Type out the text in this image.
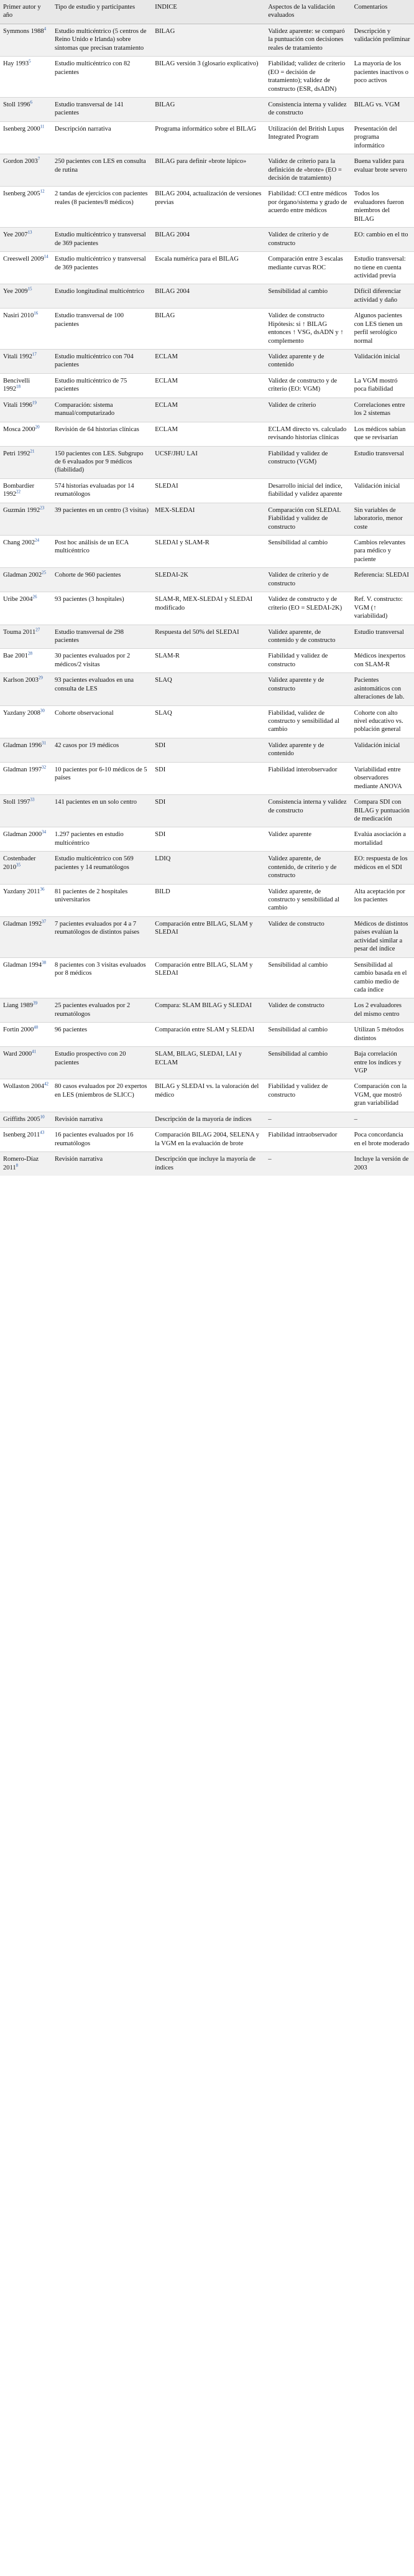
Primer autor y año	Tipo de estudio y participantes	INDICE	Aspectos de la validación evaluados	Comentarios
Symmons 1988$^4$	Estudio multicéntrico (5 centros de Reino Unido e Irlanda) sobre síntomas que precisan tratamiento	BILAG	Validez aparente: se comparó la puntuación con decisiones reales de tratamiento	Descripción y validación preliminar
Hay 1993$^5$	Estudio multicéntrico con 82 pacientes	BILAG versión 3 (glosario explicativo)	Fiabilidad; validez de criterio (EO = decisión de tratamiento); validez de constructo (ESR, dsADN)	La mayoría de los pacientes inactivos o poco activos
Stoll 1996$^6$	Estudio transversal de 141 pacientes	BILAG	Consistencia interna y validez de constructo	BILAG vs. VGM
Isenberg 2000$^{11}$	Descripción narrativa	Programa informático sobre el BILAG	Utilización del British Lupus Integrated Program	Presentación del programa informático
Gordon 2003$^7$	250 pacientes con LES en consulta de rutina	BILAG para definir «brote lúpico»	Validez de criterio para la definición de «brote» (EO = decisión de tratamiento)	Buena validez para evaluar brote severo
Isenberg 2005$^{12}$	2 tandas de ejercicios con pacientes reales (8 pacientes/8 médicos)	BILAG 2004, actualización de versiones previas	Fiabilidad: CCI entre médicos por órgano/sistema y grado de acuerdo entre médicos	Todos los evaluadores fueron miembros del BILAG
Yee 2007$^{13}$	Estudio multicéntrico y transversal de 369 pacientes	BILAG 2004	Validez de criterio y de constructo	EO: cambio en el tto
Creeswell 2009$^{14}$	Estudio multicéntrico y transversal de 369 pacientes	Escala numérica para el BILAG	Comparación entre 3 escalas mediante curvas ROC	Estudio transversal: no tiene en cuenta actividad previa
Yee 2009$^{15}$	Estudio longitudinal multicéntrico	BILAG 2004	Sensibilidad al cambio	Difícil diferenciar actividad y daño
Nasiri 2010$^{16}$	Estudio transversal de 100 pacientes	BILAG	Validez de constructo Hipótesis: si ↑ BILAG entonces ↑ VSG, dsADN y ↑ complemento	Algunos pacientes con LES tienen un perfil serológico normal
Vitali 1992$^{17}$	Estudio multicéntrico con 704 pacientes	ECLAM	Validez aparente y de contenido	Validación inicial
Bencivelli 1992$^{18}$	Estudio multicéntrico de 75 pacientes	ECLAM	Validez de constructo y de criterio (EO: VGM)	La VGM mostró poca fiabilidad
Vitali 1996$^{19}$	Comparación: sistema manual/computarizado	ECLAM	Validez de criterio	Correlaciones entre los 2 sistemas
Mosca 2000$^{20}$	Revisión de 64 historias clínicas	ECLAM	ECLAM directo vs. calculado revisando historias clínicas	Los médicos sabían que se revisarían
Petri 1992$^{21}$	150 pacientes con LES. Subgrupo de 6 evaluados por 9 médicos (fiabilidad)	UCSF/JHU LAI	Fiabilidad y validez de constructo (VGM)	Estudio transversal
Bombardier 1992$^{22}$	574 historias evaluadas por 14 reumatólogos	SLEDAI	Desarrollo inicial del índice, fiabilidad y validez aparente	Validación inicial
Guzmán 1992$^{23}$	39 pacientes en un centro (3 visitas)	MEX-SLEDAI	Comparación con SLEDAI. Fiabilidad y validez de constructo	Sin variables de laboratorio, menor coste
Chang 2002$^{24}$	Post hoc análisis de un ECA multicéntrico	SLEDAI y SLAM-R	Sensibilidad al cambio	Cambios relevantes para médico y paciente
Gladman 2002$^{25}$	Cohorte de 960 pacientes	SLEDAI-2K	Validez de criterio y de constructo	Referencia: SLEDAI
Uribe 2004$^{26}$	93 pacientes (3 hospitales)	SLAM-R, MEX-SLEDAI y SLEDAI modificado	Validez de constructo y de criterio (EO = SLEDAI-2K)	Ref. V. constructo: VGM (↑ variabilidad)
Touma 2011$^{27}$	Estudio transversal de 298 pacientes	Respuesta del 50% del SLEDAI	Validez aparente, de contenido y de constructo	Estudio transversal
Bae 2001$^{28}$	30 pacientes evaluados por 2 médicos/2 visitas	SLAM-R	Fiabilidad y validez de constructo	Médicos inexpertos con SLAM-R
Karlson 2003$^{29}$	93 pacientes evaluados en una consulta de LES	SLAQ	Validez aparente y de constructo	Pacientes asintomáticos con alteraciones de lab.
Yazdany 2008$^{30}$	Cohorte observacional	SLAQ	Fiabilidad, validez de constructo y sensibilidad al cambio	Cohorte con alto nivel educativo vs. población general
Gladman 1996$^{31}$	42 casos por 19 médicos	SDI	Validez aparente y de contenido	Validación inicial
Gladman 1997$^{32}$	10 pacientes por 6-10 médicos de 5 países	SDI	Fiabilidad interobservador	Variabilidad entre observadores mediante ANOVA
Stoll 1997$^{33}$	141 pacientes en un solo centro	SDI	Consistencia interna y validez de constructo	Compara SDI con BILAG y puntuación de medicación
Gladman 2000$^{34}$	1.297 pacientes en estudio multicéntrico	SDI	Validez aparente	Evalúa asociación a mortalidad
Costenbader 2010$^{35}$	Estudio multicéntrico con 569 pacientes y 14 reumatólogos	LDIQ	Validez aparente, de contenido, de criterio y de constructo	EO: respuesta de los médicos en el SDI
Yazdany 2011$^{36}$	81 pacientes de 2 hospitales universitarios	BILD	Validez aparente, de constructo y sensibilidad al cambio	Alta aceptación por los pacientes
Gladman 1992$^{37}$	7 pacientes evaluados por 4 a 7 reumatólogos de distintos países	Comparación entre BILAG, SLAM y SLEDAI	Validez de constructo	Médicos de distintos países evalúan la actividad similar a pesar del índice
Gladman 1994$^{38}$	8 pacientes con 3 visitas evaluados por 8 médicos	Comparación entre BILAG, SLAM y SLEDAI	Sensibilidad al cambio	Sensibilidad al cambio basada en el cambio medio de cada índice
Liang 1989$^{39}$	25 pacientes evaluados por 2 reumatólogos	Compara: SLAM BILAG y SLEDAI	Validez de constructo	Los 2 evaluadores del mismo centro
Fortin 2000$^{40}$	96 pacientes	Comparación entre SLAM y SLEDAI	Sensibilidad al cambio	Utilizan 5 métodos distintos
Ward 2000$^{41}$	Estudio prospectivo con 20 pacientes	SLAM, BILAG, SLEDAI, LAI y ECLAM	Sensibilidad al cambio	Baja correlación entre los índices y VGP
Wollaston 2004$^{42}$	80 casos evaluados por 20 expertos en LES (miembros de SLICC)	BILAG y SLEDAI vs. la valoración del médico	Fiabilidad y validez de constructo	Comparación con la VGM, que mostró gran variabilidad
Griffiths 2005$^{10}$	Revisión narrativa	Descripción de la mayoría de índices	–	–
Isenberg 2011$^{43}$	16 pacientes evaluados por 16 reumatólogos	Comparación BILAG 2004, SELENA y la VGM en la evaluación de brote	Fiabilidad intraobservador	Poca concordancia en el brote moderado
Romero-Díaz 2011$^8$	Revisión narrativa	Descripción que incluye la mayoría de índices	–	Incluye la versión de 2003
